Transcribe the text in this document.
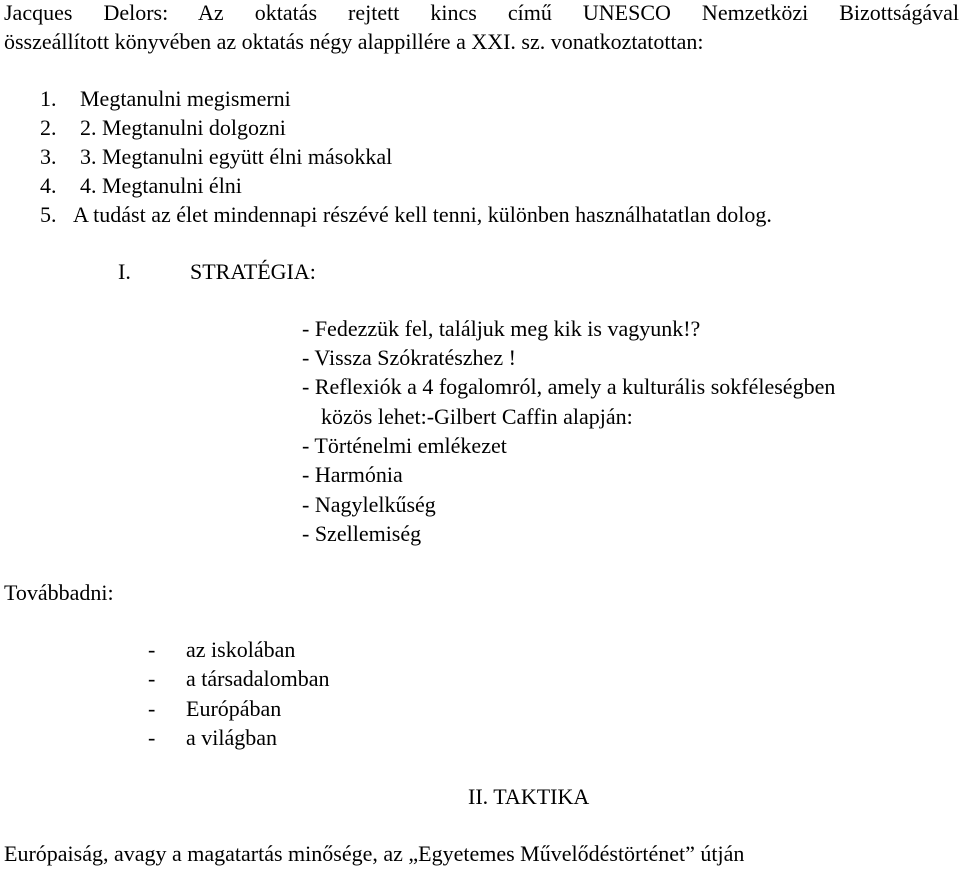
Jacques Delors: Az oktatás rejtett kincs című UNESCO Nemzetközi Bizottságával
összeállított könyvében az oktatás négy alappillére a XXI. sz. vonatkoztatottan:
1. Megtanulni megismerni
2. 2. Megtanulni dolgozni
3. 3. Megtanulni együtt élni másokkal
4. 4. Megtanulni élni
5. A tudást az élet mindennapi részévé kell tenni, különben használhatatlan dolog.
I.	STRATÉGIA:
- Fedezzük fel, találjuk meg kik is vagyunk!?
- Vissza Szókratészhez !
- Reflexiók a 4 fogalomról, amely a kulturális sokféleségben
közös lehet:-Gilbert Caffin alapján:
- Történelmi emlékezet
- Harmónia
- Nagylelkűség
- Szellemiség
Továbbadni:
- az iskolában
- a társadalomban
- Európában
- a világban
II. TAKTIKA
Európaiság, avagy a magatartás minősége, az „Egyetemes Művelődéstörténet” útján
